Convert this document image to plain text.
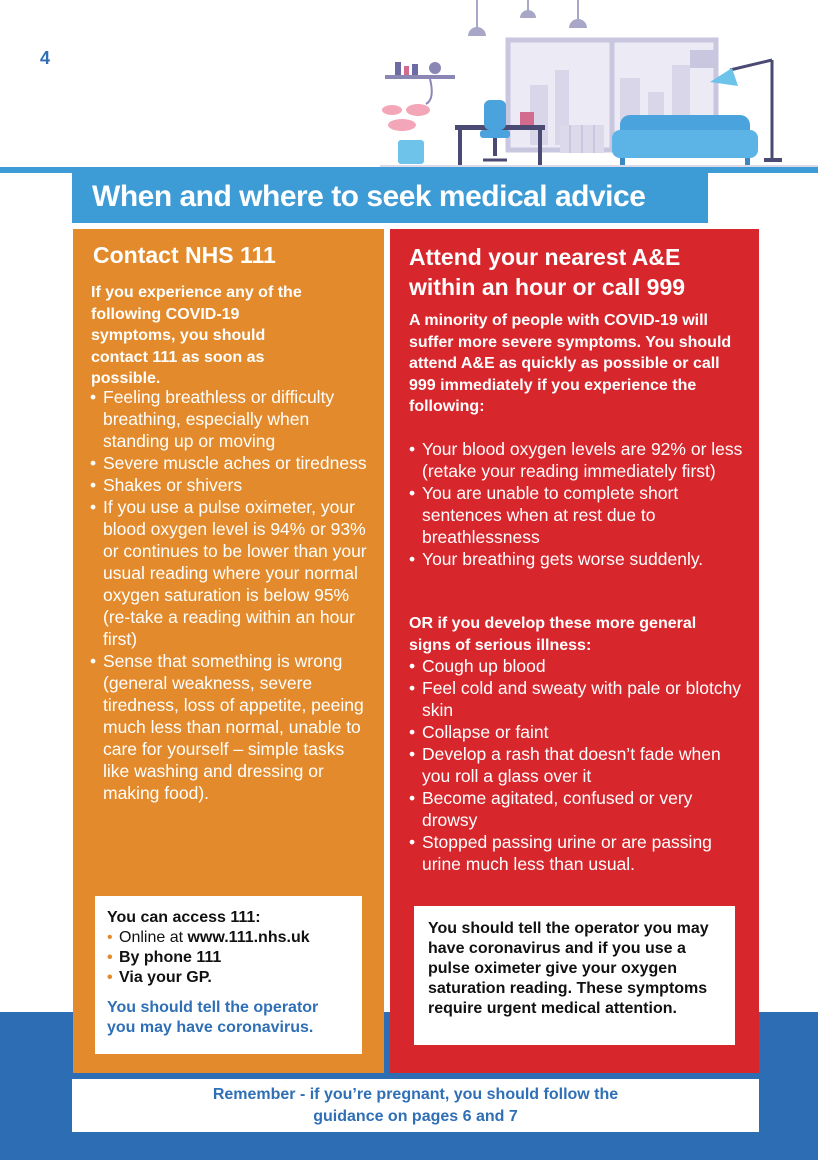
4
When and where to seek medical advice
Contact NHS 111
If you experience any of the following COVID-19 symptoms, you should contact 111 as soon as possible.
• Feeling breathless or difficulty breathing, especially when standing up or moving
• Severe muscle aches or tiredness
• Shakes or shivers
• If you use a pulse oximeter, your blood oxygen level is 94% or 93% or continues to be lower than your usual reading where your normal oxygen saturation is below 95% (re-take a reading within an hour first)
• Sense that something is wrong (general weakness, severe tiredness, loss of appetite, peeing much less than normal, unable to care for yourself – simple tasks like washing and dressing or making food).
You can access 111:
• Online at www.111.nhs.uk
• By phone 111
• Via your GP.
You should tell the operator you may have coronavirus.
Attend your nearest A&E within an hour or call 999
A minority of people with COVID-19 will suffer more severe symptoms. You should attend A&E as quickly as possible or call 999 immediately if you experience the following:
• Your blood oxygen levels are 92% or less (retake your reading immediately first)
• You are unable to complete short sentences when at rest due to breathlessness
• Your breathing gets worse suddenly.
OR if you develop these more general signs of serious illness:
• Cough up blood
• Feel cold and sweaty with pale or blotchy skin
• Collapse or faint
• Develop a rash that doesn’t fade when you roll a glass over it
• Become agitated, confused or very drowsy
• Stopped passing urine or are passing urine much less than usual.
You should tell the operator you may have coronavirus and if you use a pulse oximeter give your oxygen saturation reading. These symptoms require urgent medical attention.
Remember - if you’re pregnant, you should follow the guidance on pages 6 and 7
